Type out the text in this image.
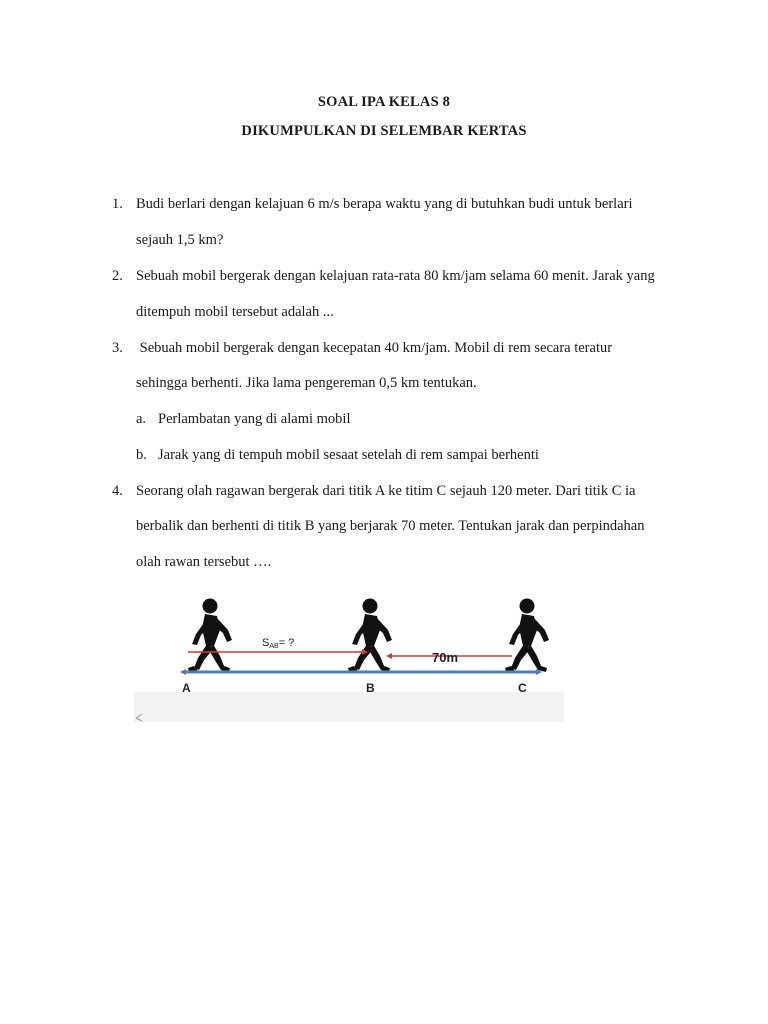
SOAL IPA KELAS 8
DIKUMPULKAN DI SELEMBAR KERTAS
1. Budi berlari dengan kelajuan 6 m/s berapa waktu yang di butuhkan budi untuk berlari
sejauh 1,5 km?
2. Sebuah mobil bergerak dengan kelajuan rata-rata 80 km/jam selama 60 menit. Jarak yang
ditempuh mobil tersebut adalah ...
3. Sebuah mobil bergerak dengan kecepatan 40 km/jam. Mobil di rem secara teratur
sehingga berhenti. Jika lama pengereman 0,5 km tentukan.
a. Perlambatan yang di alami mobil
b. Jarak yang di tempuh mobil sesaat setelah di rem sampai berhenti
4. Seorang olah ragawan bergerak dari titik A ke titim C sejauh 120 meter. Dari titik C ia
berbalik dan berhenti di titik B yang berjarak 70 meter. Tentukan jarak dan perpindahan
olah rawan tersebut ….
SAB= ?
70m
A	B	C
